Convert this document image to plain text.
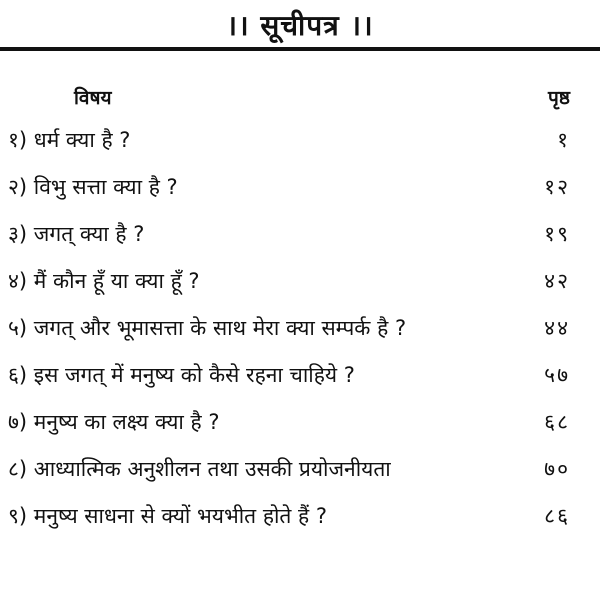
।। सूचीपत्र ।।
विषय	पृष्ठ
१) धर्म क्या है ?	१
२) विभु सत्ता क्या है ?	१२
३) जगत् क्या है ?	१९
४) मैं कौन हूँ या क्या हूँ ?	४२
५) जगत् और भूमासत्ता के साथ मेरा क्या सम्पर्क है ?	४४
६) इस जगत् में मनुष्य को कैसे रहना चाहिये ?	५७
७) मनुष्य का लक्ष्य क्या है ?	६८
८) आध्यात्मिक अनुशीलन तथा उसकी प्रयोजनीयता	७०
९) मनुष्य साधना से क्यों भयभीत होते हैं ?	८६
